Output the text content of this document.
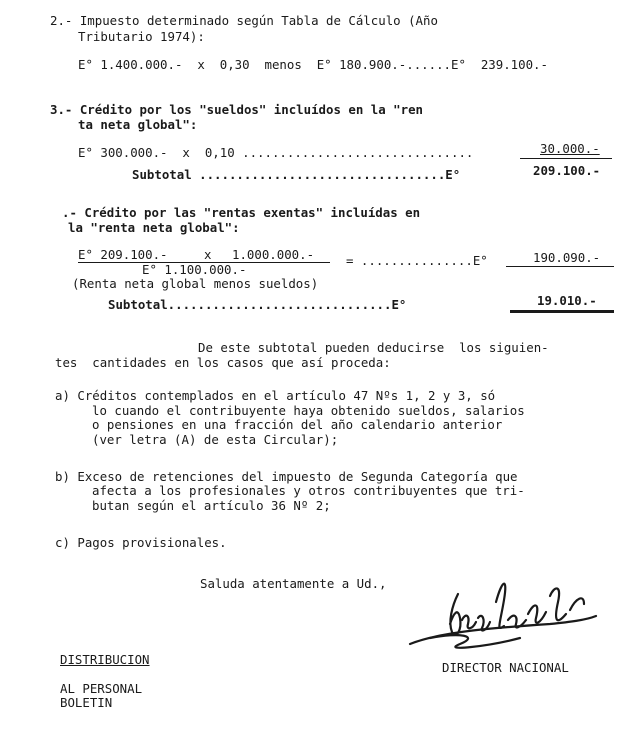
2.- Impuesto determinado según Tabla de Cálculo (Año
Tributario 1974):
E° 1.400.000.-  x  0,30  menos  E° 180.900.-......E°  239.100.-
3.- Crédito por los "sueldos" incluídos en la "ren
ta neta global":
E° 300.000.-  x  0,10 ...............................	30.000.-
Subtotal .................................E°	209.100.-
.- Crédito por las "rentas exentas" incluídas en
la "renta neta global":
E° 209.100.-	x 1.000.000.-
E° 1.100.000.-
= ...............E°	190.090.-
(Renta neta global menos sueldos)
Subtotal..............................E°	19.010.-
De este subtotal pueden deducirse  los siguien-
tes  cantidades en los casos que así proceda:
a) Créditos contemplados en el artículo 47 Nºs 1, 2 y 3, só
lo cuando el contribuyente haya obtenido sueldos, salarios
o pensiones en una fracción del año calendario anterior
(ver letra (A) de esta Circular);
b) Exceso de retenciones del impuesto de Segunda Categoría que
afecta a los profesionales y otros contribuyentes que tri-
butan según el artículo 36 Nº 2;
c) Pagos provisionales.
Saluda atentamente a Ud.,
DIRECTOR NACIONAL
DISTRIBUCION
AL PERSONAL
BOLETIN
